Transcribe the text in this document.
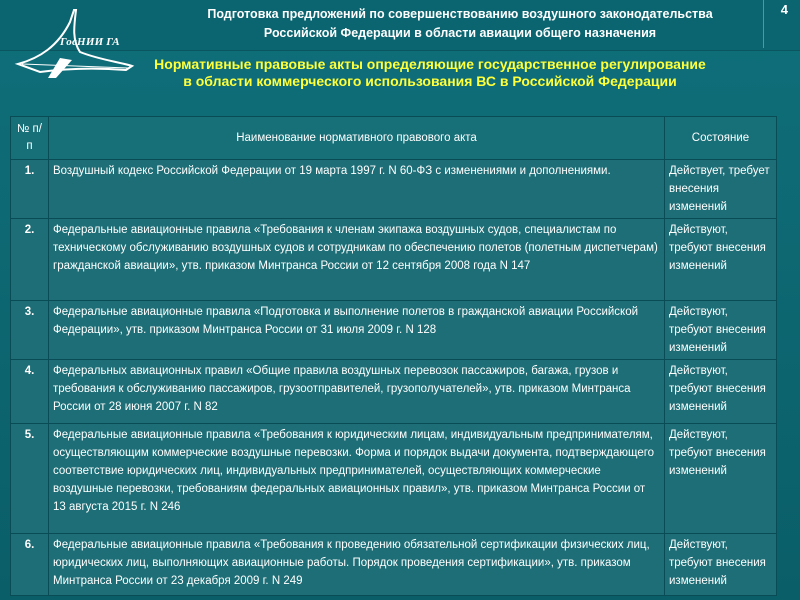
ГосНИИ ГА
Подготовка предложений по совершенствованию воздушного законодательства
Российской Федерации в области авиации общего назначения
4
Нормативные правовые акты определяющие государственное регулирование в области коммерческого использования ВС в Российской Федерации
№ п/п	Наименование нормативного правового акта	Состояние
1.	Воздушный кодекс Российской Федерации от 19 марта 1997 г. N 60-ФЗ с изменениями и дополнениями.	Действует, требует внесения изменений
2.	Федеральные авиационные правила «Требования к членам экипажа воздушных судов, специалистам по техническому обслуживанию воздушных судов и сотрудникам по обеспечению полетов (полетным диспетчерам) гражданской авиации», утв. приказом Минтранса России от 12 сентября 2008 года N 147	Действуют, требуют внесения изменений
3.	Федеральные авиационные правила «Подготовка и выполнение полетов в гражданской авиации Российской Федерации», утв. приказом Минтранса России от 31 июля 2009 г. N 128	Действуют, требуют внесения изменений
4.	Федеральных авиационных правил «Общие правила воздушных перевозок пассажиров, багажа, грузов и требования к обслуживанию пассажиров, грузоотправителей, грузополучателей», утв. приказом Минтранса России от 28 июня 2007 г. N 82	Действуют, требуют внесения изменений
5.	Федеральные авиационные правила «Требования к юридическим лицам, индивидуальным предпринимателям, осуществляющим коммерческие воздушные перевозки. Форма и порядок выдачи документа, подтверждающего соответствие юридических лиц, индивидуальных предпринимателей, осуществляющих коммерческие воздушные перевозки, требованиям федеральных авиационных правил», утв. приказом Минтранса России от 13 августа 2015 г. N 246	Действуют, требуют внесения изменений
6.	Федеральные авиационные правила «Требования к проведению обязательной сертификации физических лиц, юридических лиц, выполняющих авиационные работы. Порядок проведения сертификации», утв. приказом Минтранса России от 23 декабря 2009 г. N 249	Действуют, требуют внесения изменений
